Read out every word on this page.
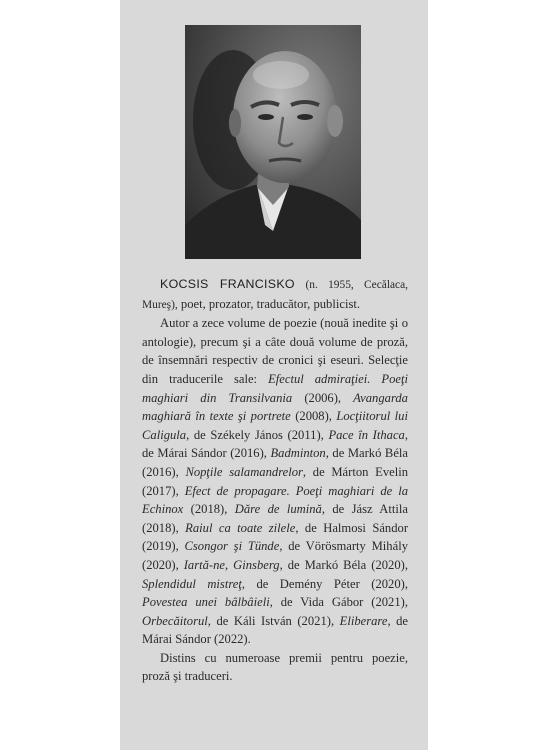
KOCSIS FRANCISKO (n. 1955, Cecălaca, Mureş), poet, prozator, traducător, publicist.

Autor a zece volume de poezie (nouă inedite şi o antologie), precum şi a câte două volume de proză, de însemnări respectiv de cronici şi eseuri. Selecţie din traducerile sale: Efectul admiraţiei. Poeţi maghiari din Transilvania (2006), Avangarda maghiară în texte şi portrete (2008), Locţiitorul lui Caligula, de Székely János (2011), Pace în Ithaca, de Márai Sándor (2016), Badminton, de Markó Béla (2016), Nopţile salamandrelor, de Márton Evelin (2017), Efect de propagare. Poeţi maghiari de la Echinox (2018), Dăre de lumină, de Jász Attila (2018), Raiul ca toate zilele, de Halmosi Sándor (2019), Csongor şi Tünde, de Vörösmarty Mihály (2020), Iartă-ne, Ginsberg, de Markó Béla (2020), Splendidul mistreţ, de Demény Péter (2020), Povestea unei bâlbâieli, de Vida Gábor (2021), Orbecăitorul, de Káli István (2021), Eliberare, de Márai Sándor (2022).

Distins cu numeroase premii pentru poezie, proză şi traduceri.
